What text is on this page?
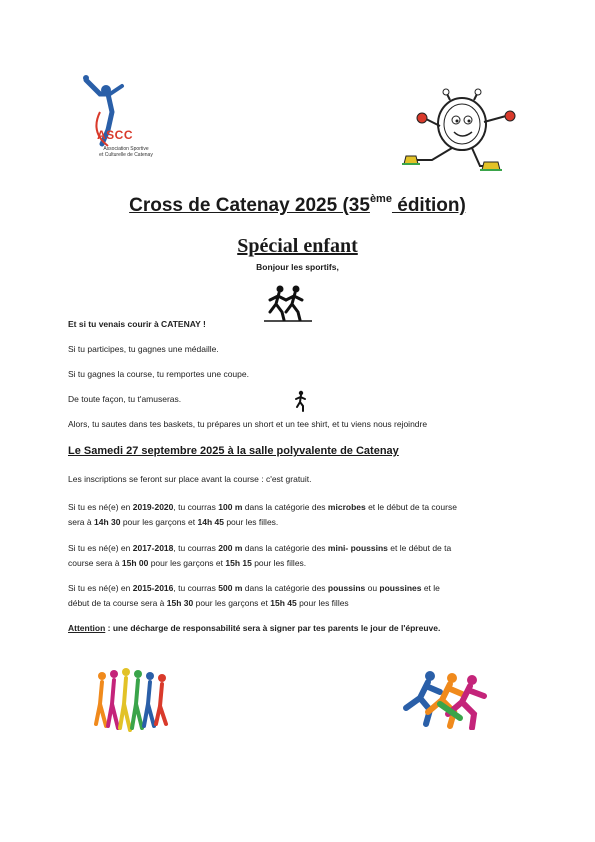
ASCC
Association Sportive
et Culturelle de Catenay
Cross de Catenay 2025 (35ème édition)
Spécial enfant
Bonjour les sportifs,
Et si tu venais courir à CATENAY !
Si tu participes, tu gagnes une médaille.
Si tu gagnes la course, tu remportes une coupe.
De toute façon, tu t'amuseras.
Alors, tu sautes dans tes baskets, tu prépares un short et un tee shirt, et tu viens nous rejoindre
Le Samedi 27 septembre 2025 à la salle polyvalente de Catenay
Les inscriptions se feront sur place avant la course : c'est gratuit.
Si tu es né(e) en 2019-2020, tu courras 100 m dans la catégorie des microbes et le début de ta course
sera à 14h 30 pour les garçons et 14h 45 pour les filles.
Si tu es né(e) en 2017-2018, tu courras 200 m dans la catégorie des mini- poussins et le début de ta
course sera à 15h 00 pour les garçons et 15h 15 pour les filles.
Si tu es né(e) en 2015-2016, tu courras 500 m dans la catégorie des poussins ou poussines et le
début de ta course sera à 15h 30 pour les garçons et 15h 45 pour les filles
Attention : une décharge de responsabilité sera à signer par tes parents le jour de l'épreuve.
